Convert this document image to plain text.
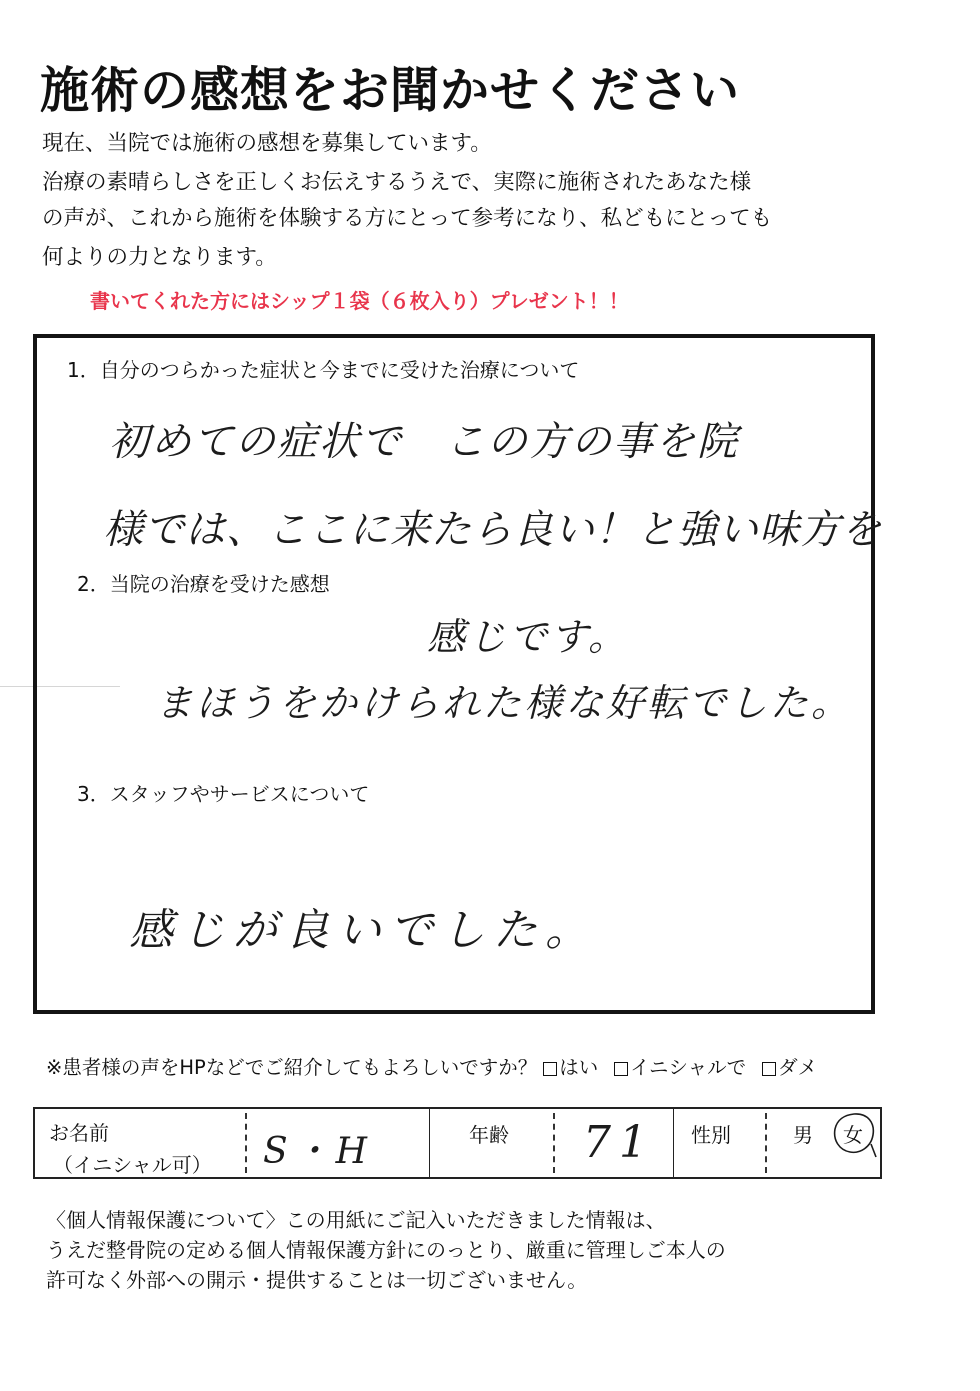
施術の感想をお聞かせください
現在、当院では施術の感想を募集しています。
治療の素晴らしさを正しくお伝えするうえで、実際に施術されたあなた様
の声が、これから施術を体験する方にとって参考になり、私どもにとっても
何よりの力となります。
書いてくれた方にはシップ１袋（６枚入り）プレゼント！！
1．自分のつらかった症状と今までに受けた治療について
初めての症状で　この方の事を院
様では、ここに来たら良い！と強い味方を
2．当院の治療を受けた感想
感じです。
まほうをかけられた様な好転でした。
3．スタッフやサービスについて
感じが良いでした。
※患者様の声をHPなどでご紹介してもよろしいですか？ はい イニシャルで ダメ
お名前
（イニシャル可） S・H	年齢 71 性別	男 女
〈個人情報保護について〉この用紙にご記入いただきました情報は、
うえだ整骨院の定める個人情報保護方針にのっとり、厳重に管理しご本人の
許可なく外部への開示・提供することは一切ございません。
